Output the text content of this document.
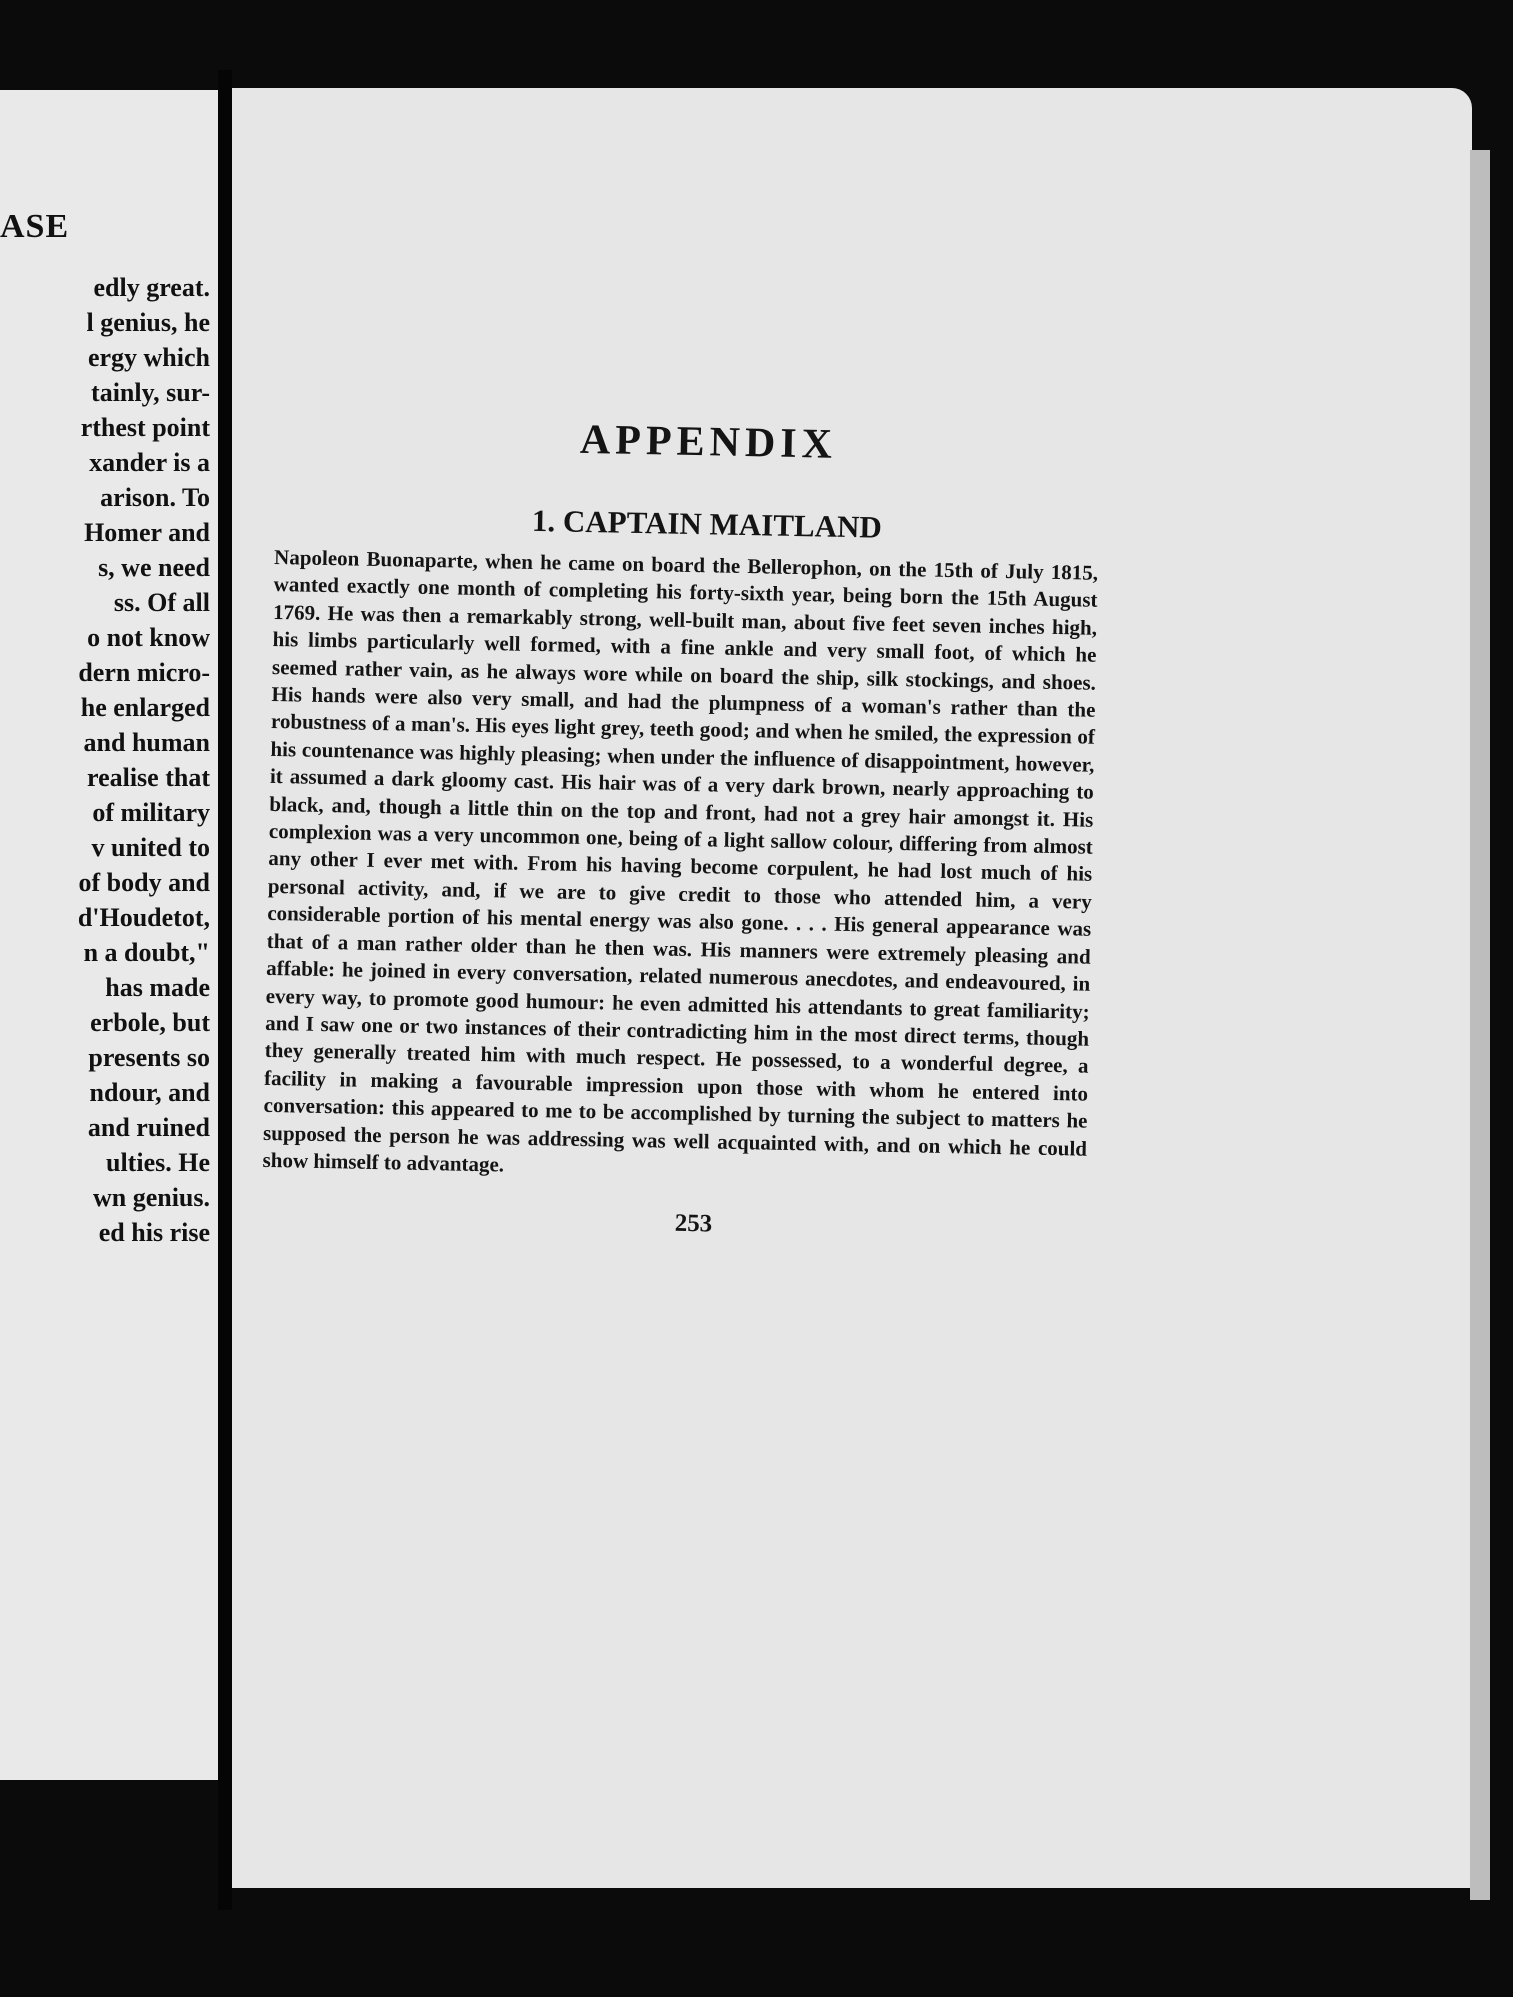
ASE
edly great.
l genius, he
ergy which
tainly, sur-
rthest point
xander is a
arison. To
Homer and
s, we need
ss. Of all
o not know
dern micro-
he enlarged
and human
realise that
of military
v united to
of body and
d'Houdetot,
n a doubt,"
has made
erbole, but
presents so
ndour, and
and ruined
ulties. He
wn genius.
ed his rise
APPENDIX
1. CAPTAIN MAITLAND

Napoleon Buonaparte, when he came on board the Bellerophon, on the 15th of July 1815, wanted exactly one month of completing his forty-sixth year, being born the 15th August 1769. He was then a remarkably strong, well-built man, about five feet seven inches high, his limbs particularly well formed, with a fine ankle and very small foot, of which he seemed rather vain, as he always wore while on board the ship, silk stockings, and shoes. His hands were also very small, and had the plumpness of a woman's rather than the robustness of a man's. His eyes light grey, teeth good; and when he smiled, the expression of his countenance was highly pleasing; when under the influence of disappointment, however, it assumed a dark gloomy cast. His hair was of a very dark brown, nearly approaching to black, and, though a little thin on the top and front, had not a grey hair amongst it. His complexion was a very uncommon one, being of a light sallow colour, differing from almost any other I ever met with. From his having become corpulent, he had lost much of his personal activity, and, if we are to give credit to those who attended him, a very considerable portion of his mental energy was also gone. . . . His general appearance was that of a man rather older than he then was. His manners were extremely pleasing and affable: he joined in every conversation, related numerous anecdotes, and endeavoured, in every way, to promote good humour: he even admitted his attendants to great familiarity; and I saw one or two instances of their contradicting him in the most direct terms, though they generally treated him with much respect. He possessed, to a wonderful degree, a facility in making a favourable impression upon those with whom he entered into conversation: this appeared to me to be accomplished by turning the subject to matters he supposed the person he was addressing was well acquainted with, and on which he could show himself to advantage.

253
